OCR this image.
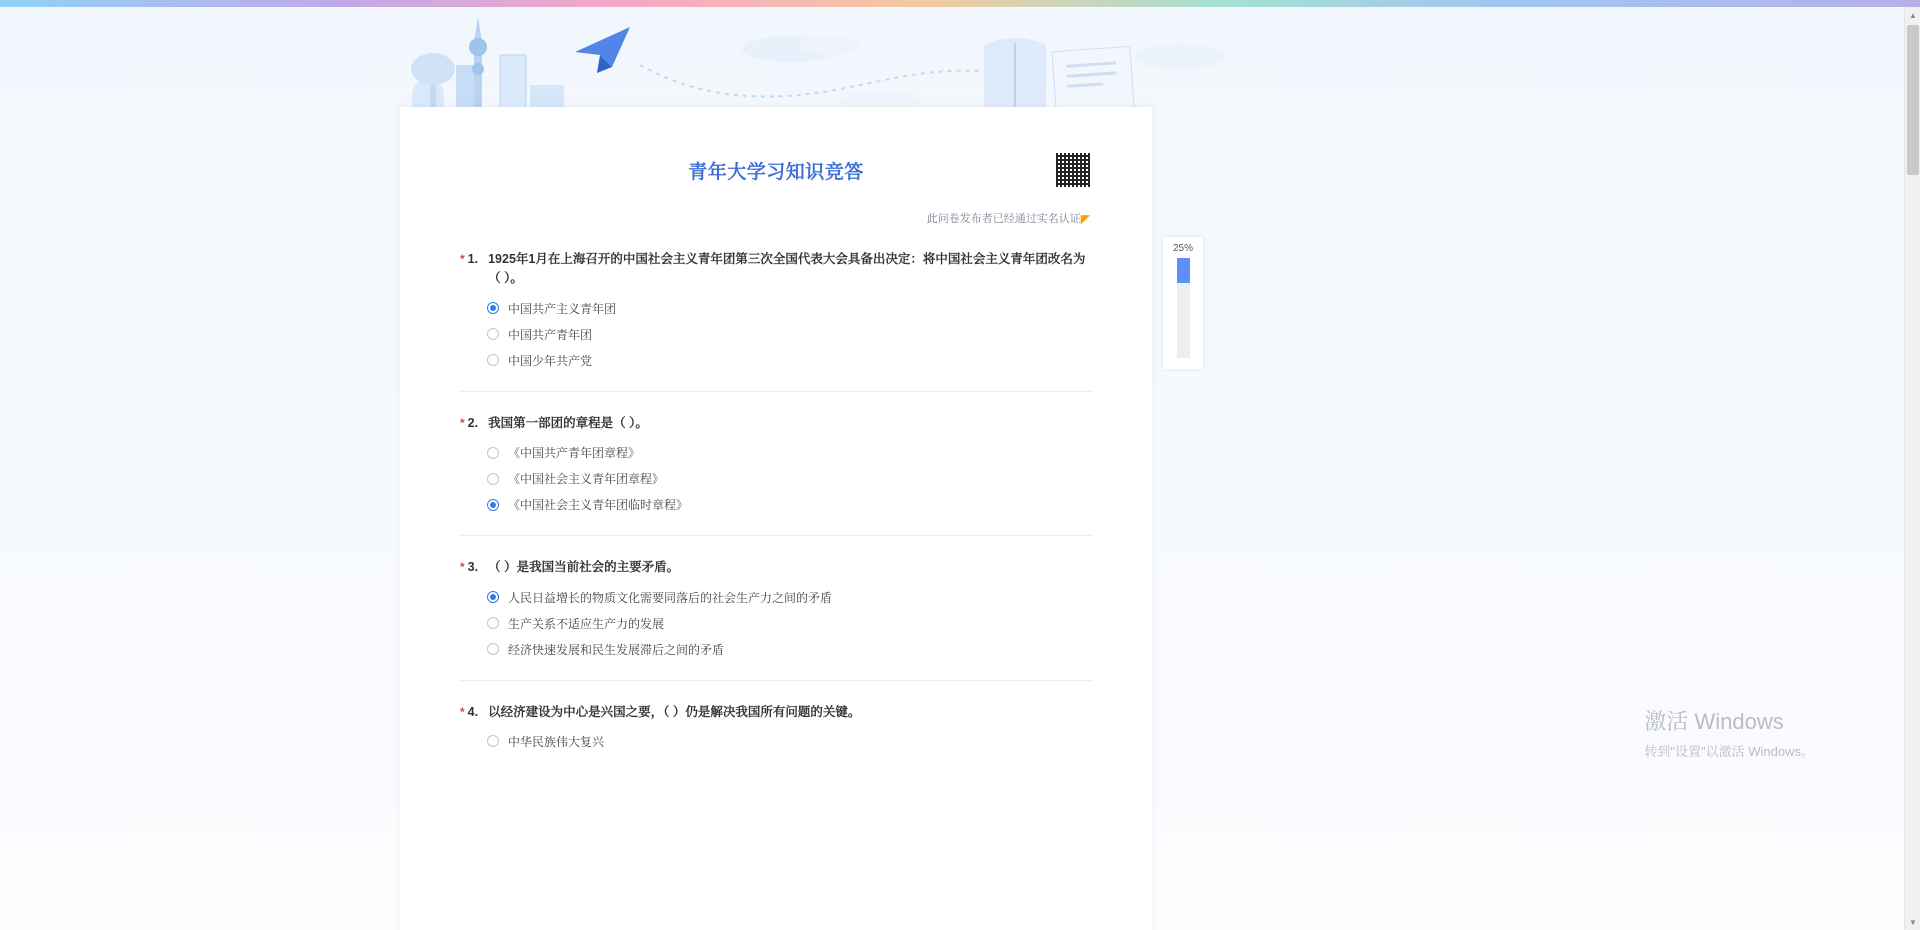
青年大学习知识竞答
此问卷发布者已经通过实名认证◤
* 1. 1925年1月在上海召开的中国社会主义青年团第三次全国代表大会具备出决定：将中国社会主义青年团改名为（ ）。
中国共产主义青年团
中国共产青年团
中国少年共产党
* 2. 我国第一部团的章程是（ ）。
《中国共产青年团章程》
《中国社会主义青年团章程》
《中国社会主义青年团临时章程》
* 3. （ ）是我国当前社会的主要矛盾。
人民日益增长的物质文化需要同落后的社会生产力之间的矛盾
生产关系不适应生产力的发展
经济快速发展和民生发展滞后之间的矛盾
* 4. 以经济建设为中心是兴国之要，（ ）仍是解决我国所有问题的关键。
中华民族伟大复兴
25%
激活 Windows
转到"设置"以激活 Windows。
▲
▼
